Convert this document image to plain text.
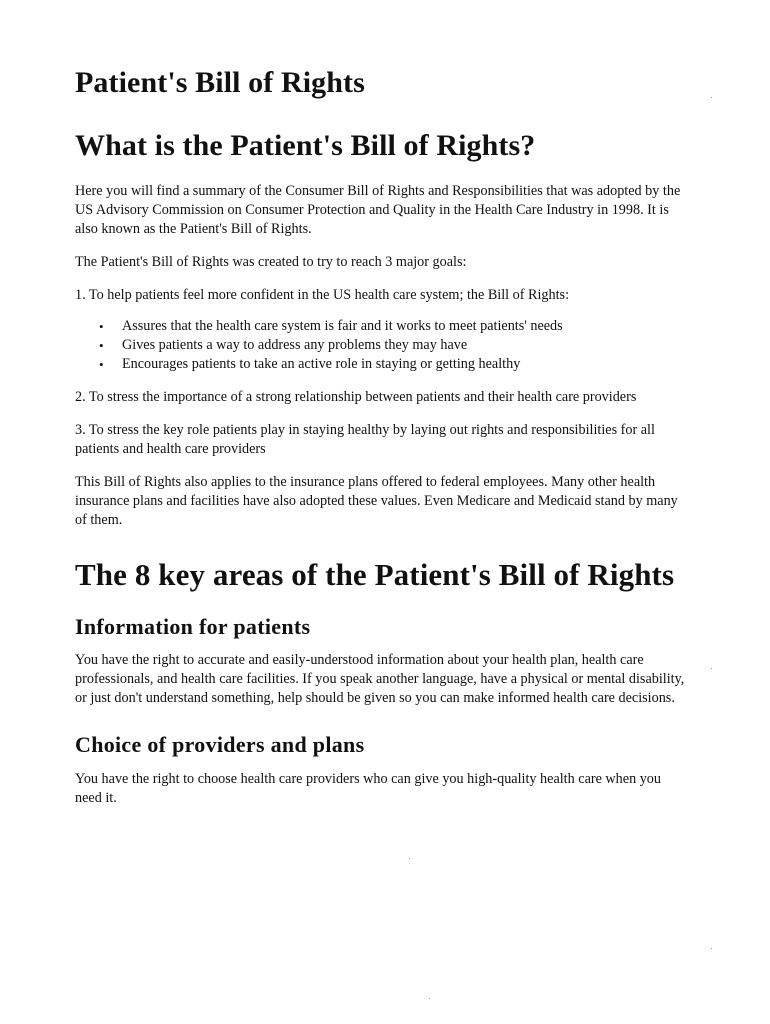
Patient's Bill of Rights
What is the Patient's Bill of Rights?

Here you will find a summary of the Consumer Bill of Rights and Responsibilities that was adopted by the US Advisory Commission on Consumer Protection and Quality in the Health Care Industry in 1998. It is also known as the Patient's Bill of Rights.

The Patient's Bill of Rights was created to try to reach 3 major goals:

1. To help patients feel more confident in the US health care system; the Bill of Rights:

• Assures that the health care system is fair and it works to meet patients' needs
• Gives patients a way to address any problems they may have
• Encourages patients to take an active role in staying or getting healthy

2. To stress the importance of a strong relationship between patients and their health care providers

3. To stress the key role patients play in staying healthy by laying out rights and responsibilities for all patients and health care providers

This Bill of Rights also applies to the insurance plans offered to federal employees. Many other health insurance plans and facilities have also adopted these values. Even Medicare and Medicaid stand by many of them.

The 8 key areas of the Patient's Bill of Rights
Information for patients

You have the right to accurate and easily-understood information about your health plan, health care professionals, and health care facilities. If you speak another language, have a physical or mental disability, or just don't understand something, help should be given so you can make informed health care decisions.

Choice of providers and plans

You have the right to choose health care providers who can give you high-quality health care when you need it.
